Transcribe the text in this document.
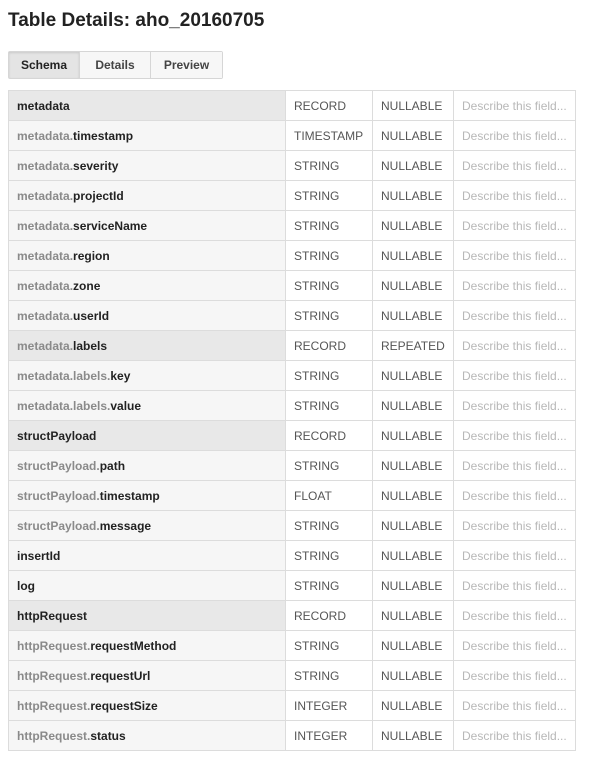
Table Details: aho_20160705
Schema	Details	Preview
metadata	RECORD	NULLABLE	Describe this field...
metadata.timestamp	TIMESTAMP	NULLABLE	Describe this field...
metadata.severity	STRING	NULLABLE	Describe this field...
metadata.projectId	STRING	NULLABLE	Describe this field...
metadata.serviceName	STRING	NULLABLE	Describe this field...
metadata.region	STRING	NULLABLE	Describe this field...
metadata.zone	STRING	NULLABLE	Describe this field...
metadata.userId	STRING	NULLABLE	Describe this field...
metadata.labels	RECORD	REPEATED	Describe this field...
metadata.labels.key	STRING	NULLABLE	Describe this field...
metadata.labels.value	STRING	NULLABLE	Describe this field...
structPayload	RECORD	NULLABLE	Describe this field...
structPayload.path	STRING	NULLABLE	Describe this field...
structPayload.timestamp	FLOAT	NULLABLE	Describe this field...
structPayload.message	STRING	NULLABLE	Describe this field...
insertId	STRING	NULLABLE	Describe this field...
log	STRING	NULLABLE	Describe this field...
httpRequest	RECORD	NULLABLE	Describe this field...
httpRequest.requestMethod	STRING	NULLABLE	Describe this field...
httpRequest.requestUrl	STRING	NULLABLE	Describe this field...
httpRequest.requestSize	INTEGER	NULLABLE	Describe this field...
httpRequest.status	INTEGER	NULLABLE	Describe this field...
